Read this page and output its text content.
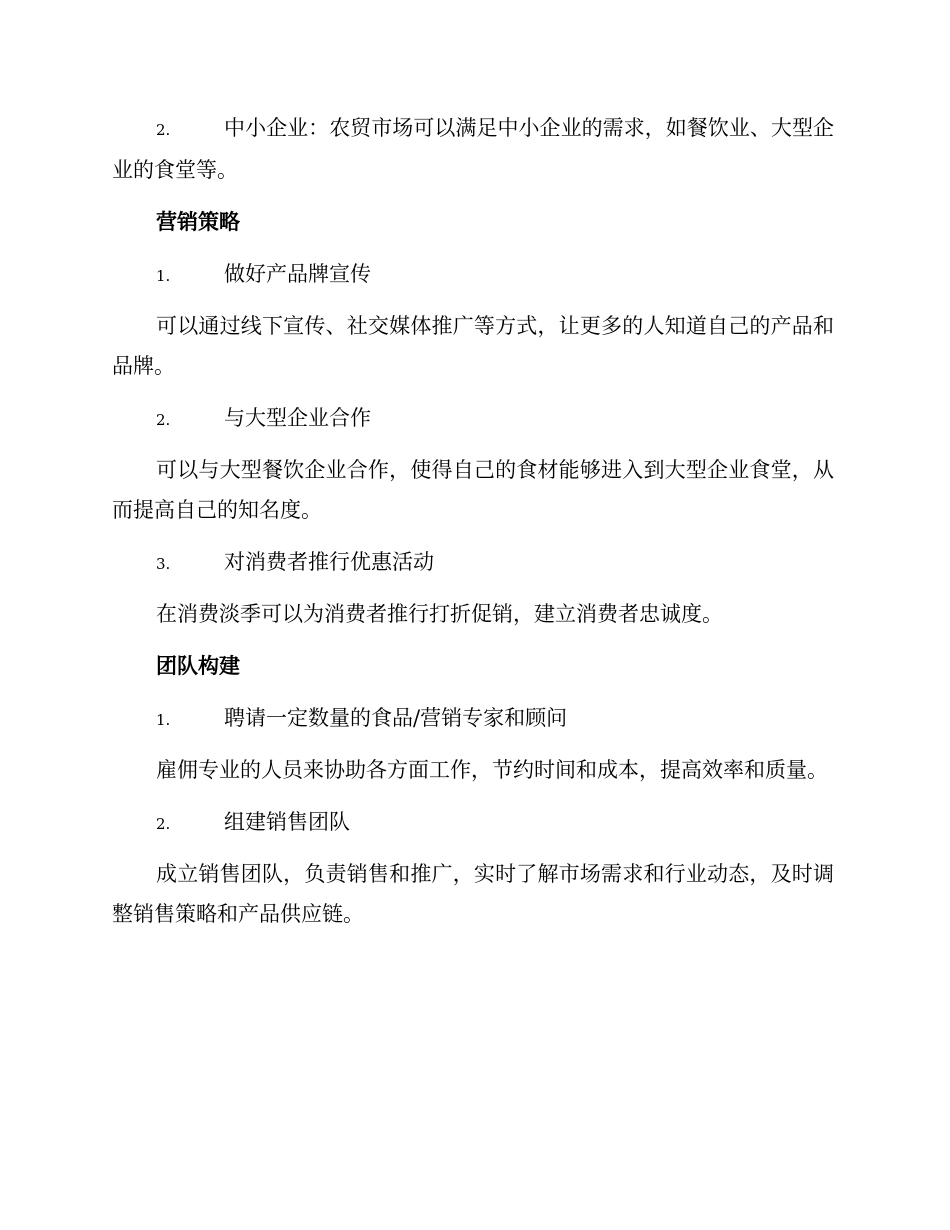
2.	中小企业：农贸市场可以满足中小企业的需求，如餐饮业、大型企业的食堂等。

营销策略
1.	做好产品牌宣传

可以通过线下宣传、社交媒体推广等方式，让更多的人知道自己的产品和品牌。

2.	与大型企业合作

可以与大型餐饮企业合作，使得自己的食材能够进入到大型企业食堂，从而提高自己的知名度。

3.	对消费者推行优惠活动

在消费淡季可以为消费者推行打折促销，建立消费者忠诚度。

团队构建
1.	聘请一定数量的食品/营销专家和顾问

雇佣专业的人员来协助各方面工作，节约时间和成本，提高效率和质量。

2.	组建销售团队

成立销售团队，负责销售和推广，实时了解市场需求和行业动态，及时调整销售策略和产品供应链。
